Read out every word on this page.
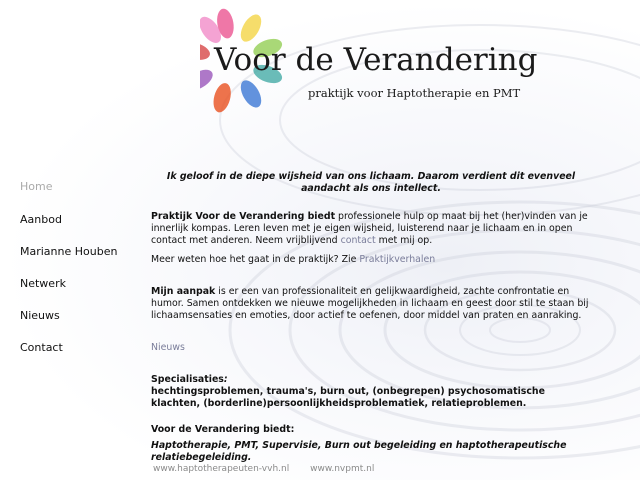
Voor de Verandering
praktijk voor Haptotherapie en PMT
Home
Aanbod
Marianne Houben
Netwerk
Nieuws
Contact

Ik geloof in de diepe wijsheid van ons lichaam. Daarom verdient dit evenveel aandacht als ons intellect.

Praktijk Voor de Verandering biedt professionele hulp op maat bij het (her)vinden van je innerlijk kompas. Leren leven met je eigen wijsheid, luisterend naar je lichaam en in open contact met anderen. Neem vrijblijvend contact met mij op.

Meer weten hoe het gaat in de praktijk? Zie Praktijkverhalen

Mijn aanpak is er een van professionaliteit en gelijkwaardigheid, zachte confrontatie en humor. Samen ontdekken we nieuwe mogelijkheden in lichaam en geest door stil te staan bij lichaamsensaties en emoties, door actief te oefenen, door middel van praten en aanraking.

Nieuws

Specialisaties:

hechtingsproblemen, trauma's, burn out, (onbegrepen) psychosomatische klachten, (borderline)persoonlijkheidsproblematiek, relatieproblemen.

Voor de Verandering biedt:

Haptotherapie, PMT, Supervisie, Burn out begeleiding en haptotherapeutische relatiebegeleiding.

www.haptotherapeuten-vvh.nl www.nvpmt.nl
